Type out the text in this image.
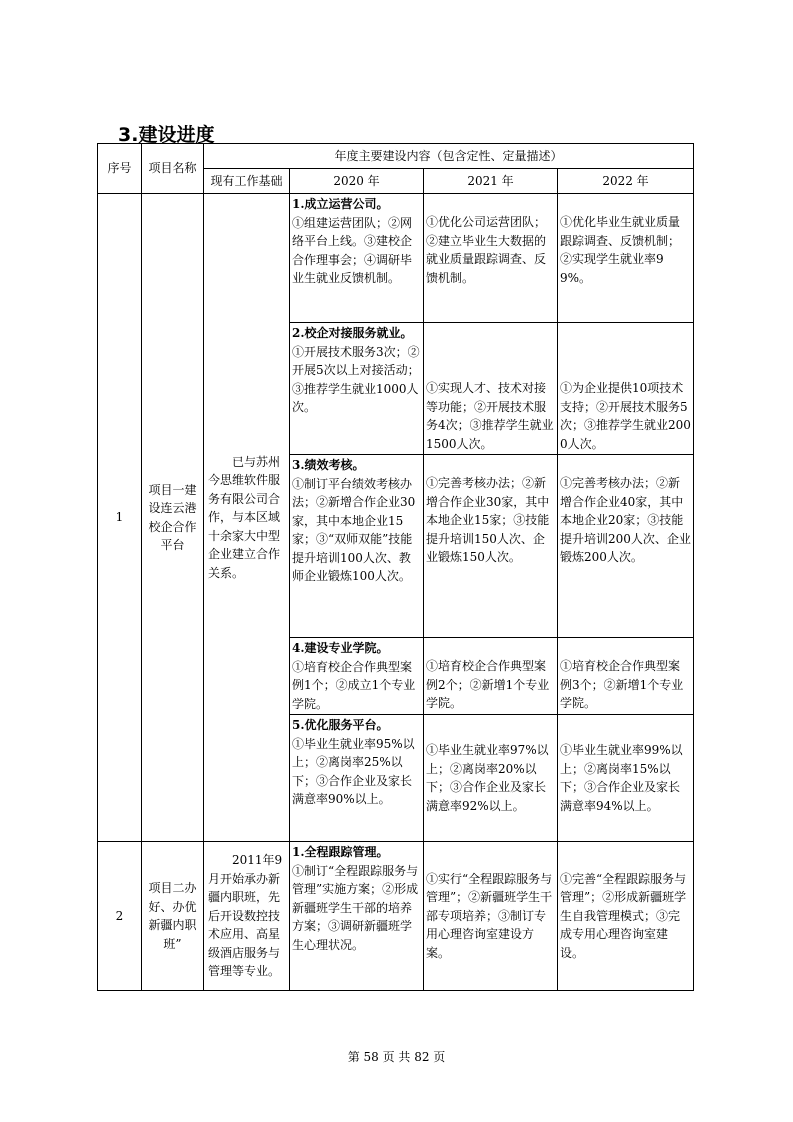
3.建设进度
序号	项目名称	年度主要建设内容（包含定性、定量描述）			
		现有工作基础	2020 年	2021 年	2022 年
1	项目一建设连云港校企合作平台	已与苏州今思维软件服务有限公司合作，与本区域十余家大中型企业建立合作关系。	1.成立运营公司。
①组建运营团队；②网络平台上线。③建校企合作理事会；④调研毕业生就业反馈机制。	①优化公司运营团队；②建立毕业生大数据的就业质量跟踪调查、反馈机制。	①优化毕业生就业质量跟踪调查、反馈机制；②实现学生就业率99%。

			2.校企对接服务就业。
①开展技术服务3次；②开展5次以上对接活动；③推荐学生就业1000人次。	①实现人才、技术对接等功能；②开展技术服务4次；③推荐学生就业1500人次。	①为企业提供10项技术支持；②开展技术服务5次；③推荐学生就业2000人次。

			3.绩效考核。
①制订平台绩效考核办法；②新增合作企业30家，其中本地企业15家；③“双师双能”技能提升培训100人次、教师企业锻炼100人次。	①完善考核办法；②新增合作企业30家，其中本地企业15家；③技能提升培训150人次、企业锻炼150人次。	①完善考核办法；②新增合作企业40家，其中本地企业20家；③技能提升培训200人次、企业锻炼200人次。

			4.建设专业学院。
①培育校企合作典型案例1个；②成立1个专业学院。	①培育校企合作典型案例2个；②新增1个专业学院。	①培育校企合作典型案例3个；②新增1个专业学院。

			5.优化服务平台。
①毕业生就业率95%以上；②离岗率25%以下；③合作企业及家长满意率90%以上。	①毕业生就业率97%以上；②离岗率20%以下；③合作企业及家长满意率92%以上。	①毕业生就业率99%以上；②离岗率15%以下；③合作企业及家长满意率94%以上。

2	项目二办好、办优新疆内职班”	2011年9月开始承办新疆内职班，先后开设数控技术应用、高星级酒店服务与管理等专业。	1.全程跟踪管理。
①制订“全程跟踪服务与管理”实施方案；②形成新疆班学生干部的培养方案；③调研新疆班学生心理状况。	①实行“全程跟踪服务与管理”；②新疆班学生干部专项培养；③制订专用心理咨询室建设方案。	①完善“全程跟踪服务与管理”；②形成新疆班学生自我管理模式；③完成专用心理咨询室建设。
第 58 页 共 82 页
